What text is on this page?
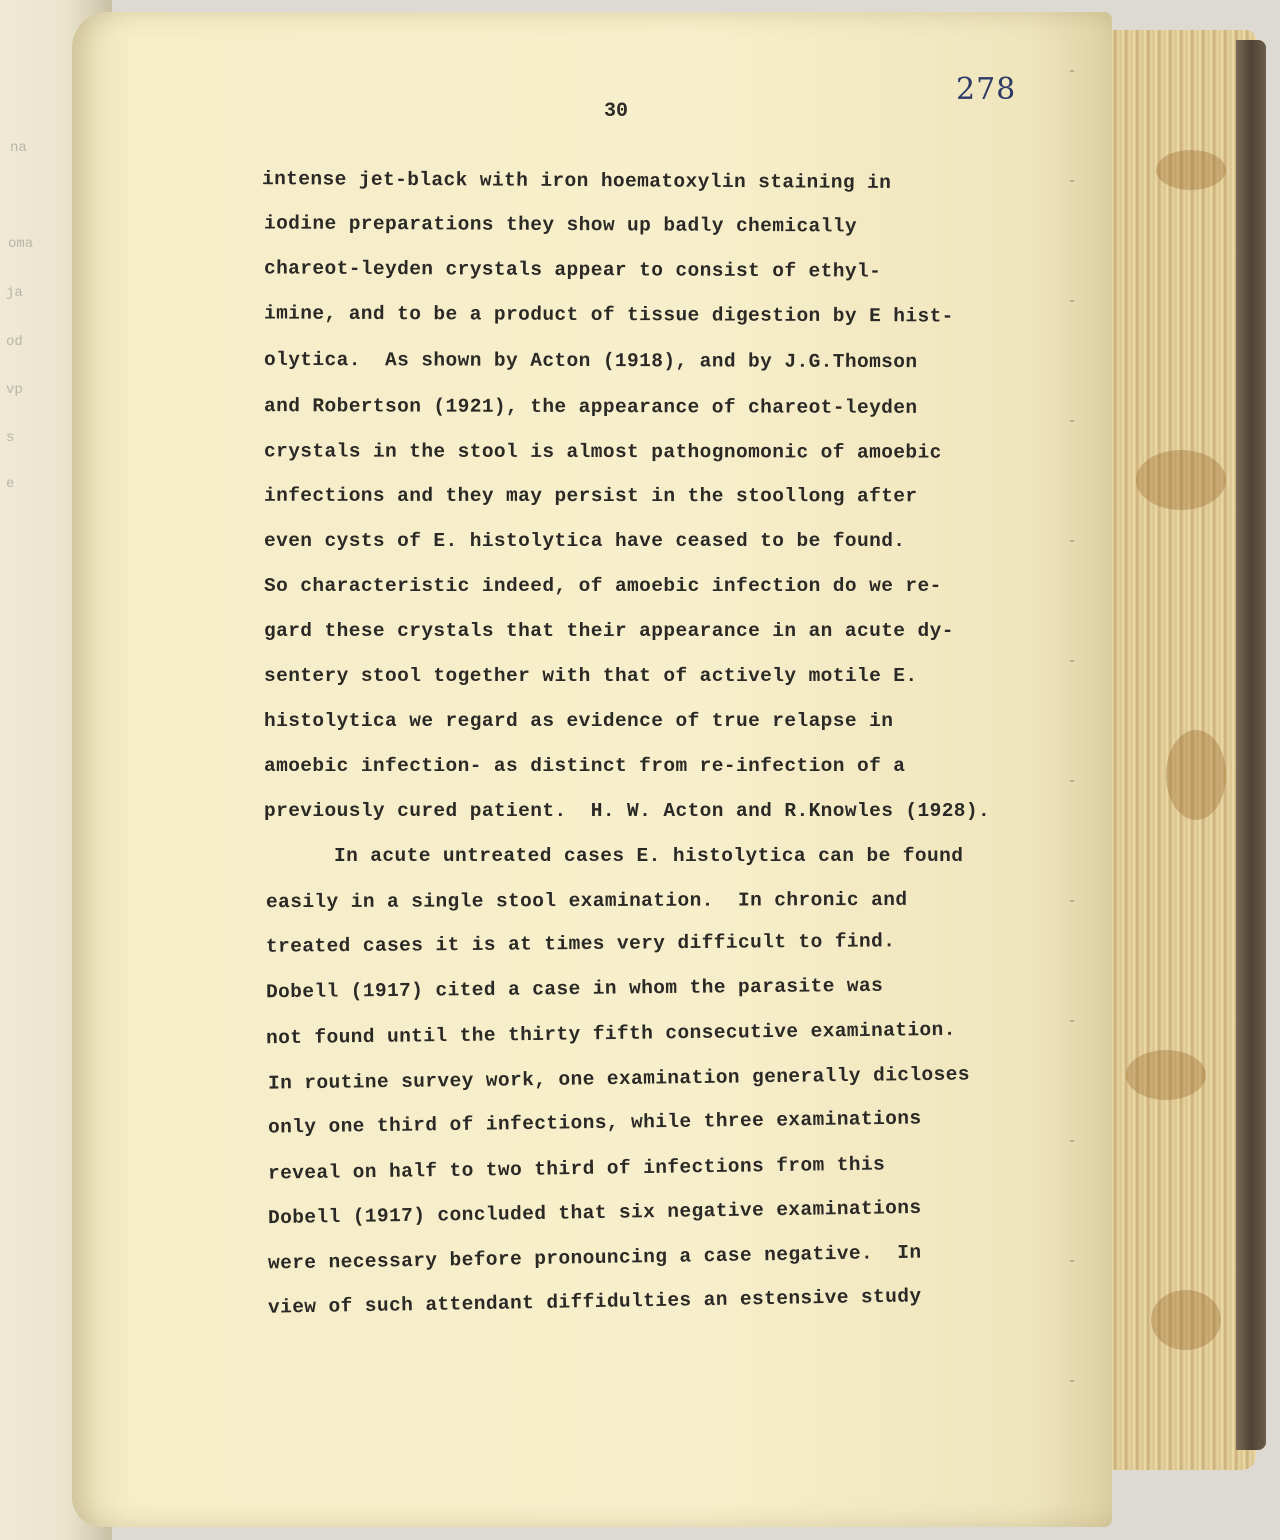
na
oma
ja
od
vp
s
e
278
30
intense jet-black with iron hoematoxylin staining in
iodine preparations they show up badly chemically
chareot-leyden crystals appear to consist of ethyl-
imine, and to be a product of tissue digestion by E hist-
olytica.  As shown by Acton (1918), and by J.G.Thomson
and Robertson (1921), the appearance of chareot-leyden
crystals in the stool is almost pathognomonic of amoebic
infections and they may persist in the stoollong after
even cysts of E. histolytica have ceased to be found.
So characteristic indeed, of amoebic infection do we re-
gard these crystals that their appearance in an acute dy-
sentery stool together with that of actively motile E.
histolytica we regard as evidence of true relapse in
amoebic infection- as distinct from re-infection of a
previously cured patient.  H. W. Acton and R.Knowles (1928).
In acute untreated cases E. histolytica can be found
easily in a single stool examination.  In chronic and
treated cases it is at times very difficult to find.
Dobell (1917) cited a case in whom the parasite was
not found until the thirty fifth consecutive examination.
In routine survey work, one examination generally dicloses
only one third of infections, while three examinations
reveal on half to two third of infections from this
Dobell (1917) concluded that six negative examinations
were necessary before pronouncing a case negative.  In
view of such attendant diffidulties an estensive study
